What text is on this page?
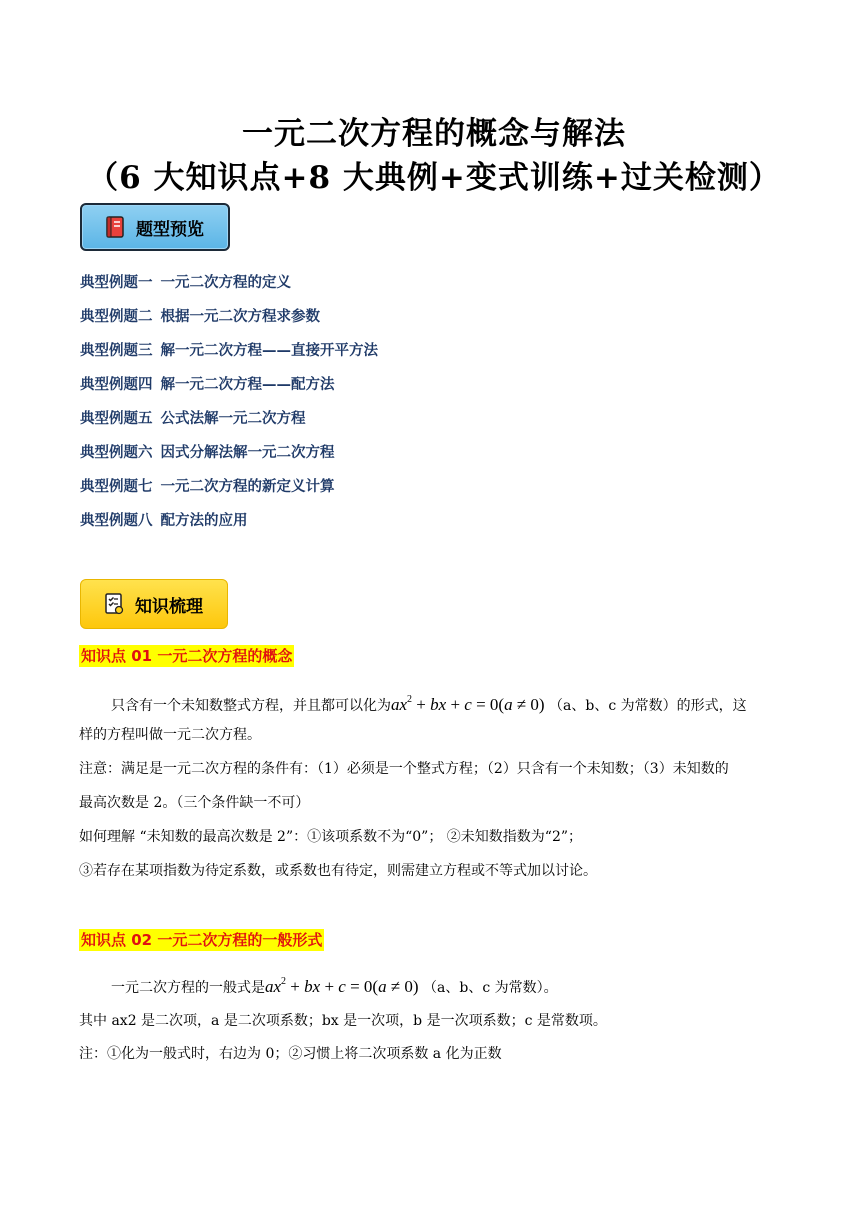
一元二次方程的概念与解法
（6 大知识点+8 大典例+变式训练+过关检测）
题型预览
典型例题一 一元二次方程的定义
典型例题二 根据一元二次方程求参数
典型例题三 解一元二次方程——直接开平方法
典型例题四 解一元二次方程——配方法
典型例题五 公式法解一元二次方程
典型例题六 因式分解法解一元二次方程
典型例题七 一元二次方程的新定义计算
典型例题八 配方法的应用
知识梳理
知识点 01 一元二次方程的概念
只含有一个未知数整式方程，并且都可以化为$ax^2$ + bx + c = 0(a ≠ 0) （a、b、c 为常数）的形式，这
样的方程叫做一元二次方程。
注意：满足是一元二次方程的条件有：（1）必须是一个整式方程；（2）只含有一个未知数；（3）未知数的
最高次数是 2。（三个条件缺一不可）
如何理解 “未知数的最高次数是 2”：①该项系数不为“0”； ②未知数指数为“2”；
③若存在某项指数为待定系数，或系数也有待定，则需建立方程或不等式加以讨论。
知识点 02 一元二次方程的一般形式
一元二次方程的一般式是$ax^2$ + bx + c = 0(a ≠ 0) （a、b、c 为常数）。
其中 ax2 是二次项，a 是二次项系数；bx 是一次项，b 是一次项系数；c 是常数项。
注：①化为一般式时，右边为 0；②习惯上将二次项系数 a 化为正数
